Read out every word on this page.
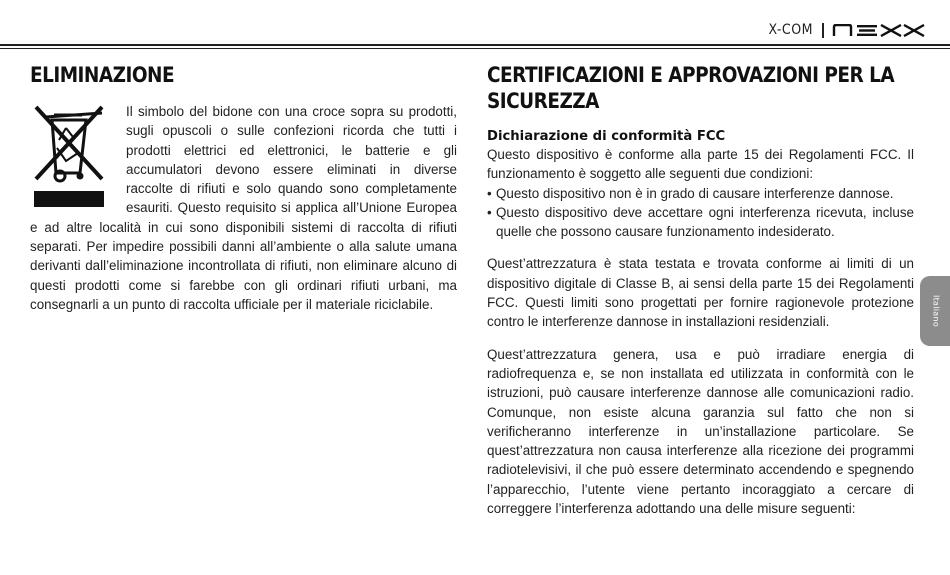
X-COM
ELIMINAZIONE

Il simbolo del bidone con una croce sopra su prodotti, sugli opuscoli o sulle confezioni ricorda che tutti i prodotti elettrici ed elettronici, le batterie e gli accumulatori devono essere eliminati in diverse raccolte di rifiuti e solo quando sono completamente esauriti. Questo requisito si applica all’Unione Europea e ad altre località in cui sono disponibili sistemi di raccolta di rifiuti separati. Per impedire possibili danni all’ambiente o alla salute umana derivanti dall’eliminazione incontrollata di rifiuti, non eliminare alcuno di questi prodotti come si farebbe con gli ordinari rifiuti urbani, ma consegnarli a un punto di raccolta ufficiale per il materiale riciclabile.

CERTIFICAZIONI E APPROVAZIONI PER LA SICUREZZA
Dichiarazione di conformità FCC

Questo dispositivo è conforme alla parte 15 dei Regolamenti FCC. Il funzionamento è soggetto alle seguenti due condizioni:

• Questo dispositivo non è in grado di causare interferenze dannose.
• Questo dispositivo deve accettare ogni interferenza ricevuta, incluse quelle che possono causare funzionamento indesiderato.

Quest’attrezzatura è stata testata e trovata conforme ai limiti di un dispositivo digitale di Classe B, ai sensi della parte 15 dei Regolamenti FCC. Questi limiti sono progettati per fornire ragionevole protezione contro le interferenze dannose in installazioni residenziali.

Quest’attrezzatura genera, usa e può irradiare energia di radiofrequenza e, se non installata ed utilizzata in conformità con le istruzioni, può causare interferenze dannose alle comunicazioni radio. Comunque, non esiste alcuna garanzia sul fatto che non si verificheranno interferenze in un’installazione particolare. Se quest’attrezzatura non causa interferenze alla ricezione dei programmi radiotelevisivi, il che può essere determinato accendendo e spegnendo l’apparecchio, l’utente viene pertanto incoraggiato a cercare di correggere l’interferenza adottando una delle misure seguenti:

Italiano
